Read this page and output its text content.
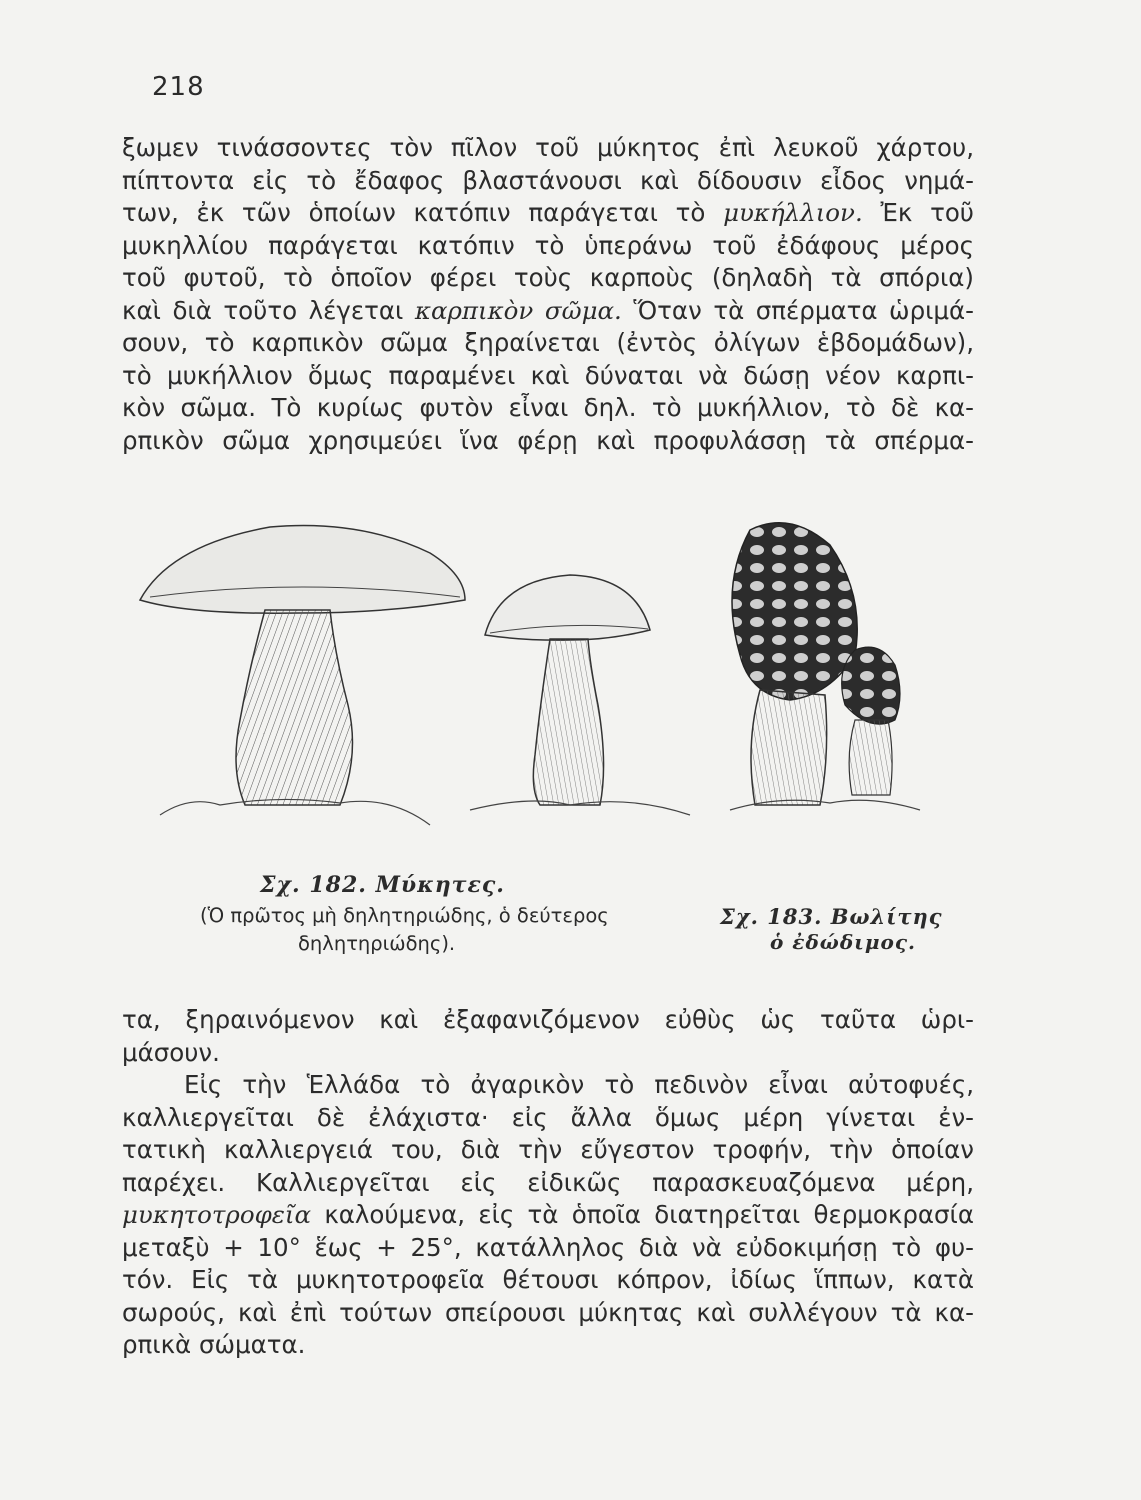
218
ξωμεν τινάσσοντες τὸν πῖλον τοῦ μύκητος ἐπὶ λευκοῦ χάρτου,
πίπτοντα εἰς τὸ ἔδαφος βλαστάνουσι καὶ δίδουσιν εἶδος νημά-
των, ἐκ τῶν ὁποίων κατόπιν παράγεται τὸ μυκήλλιον. Ἐκ τοῦ
μυκηλλίου παράγεται κατόπιν τὸ ὑπεράνω τοῦ ἐδάφους μέρος
τοῦ φυτοῦ, τὸ ὁποῖον φέρει τοὺς καρποὺς (δηλαδὴ τὰ σπόρια)
καὶ διὰ τοῦτο λέγεται καρπικὸν σῶμα. Ὅταν τὰ σπέρματα ὡριμά-
σουν, τὸ καρπικὸν σῶμα ξηραίνεται (ἐντὸς ὀλίγων ἑβδομάδων),
τὸ μυκήλλιον ὅμως παραμένει καὶ δύναται νὰ δώσῃ νέον καρπι-
κὸν σῶμα. Τὸ κυρίως φυτὸν εἶναι δηλ. τὸ μυκήλλιον, τὸ δὲ κα-
ρπικὸν σῶμα χρησιμεύει ἵνα φέρῃ καὶ προφυλάσσῃ τὰ σπέρμα-
Σχ. 182. Μύκητες.
(Ὁ πρῶτος μὴ δηλητηριώδης, ὁ δεύτερος
δηλητηριώδης).
Σχ. 183. Βωλίτης
ὁ ἐδώδιμος.
τα, ξηραινόμενον καὶ ἐξαφανιζόμενον εὐθὺς ὡς ταῦτα ὡρι-
μάσουν.
Εἰς τὴν Ἑλλάδα τὸ ἀγαρικὸν τὸ πεδινὸν εἶναι αὐτοφυές,
καλλιεργεῖται δὲ ἐλάχιστα· εἰς ἄλλα ὅμως μέρη γίνεται ἐν-
τατικὴ καλλιεργειά του, διὰ τὴν εὔγεστον τροφήν, τὴν ὁποίαν
παρέχει. Καλλιεργεῖται εἰς εἰδικῶς παρασκευαζόμενα μέρη,
μυκητοτροφεῖα καλούμενα, εἰς τὰ ὁποῖα διατηρεῖται θερμοκρασία
μεταξὺ + 10° ἕως + 25°, κατάλληλος διὰ νὰ εὐδοκιμήσῃ τὸ φυ-
τόν. Εἰς τὰ μυκητοτροφεῖα θέτουσι κόπρον, ἰδίως ἵππων, κατὰ
σωρούς, καὶ ἐπὶ τούτων σπείρουσι μύκητας καὶ συλλέγουν τὰ κα-
ρπικὰ σώματα.
